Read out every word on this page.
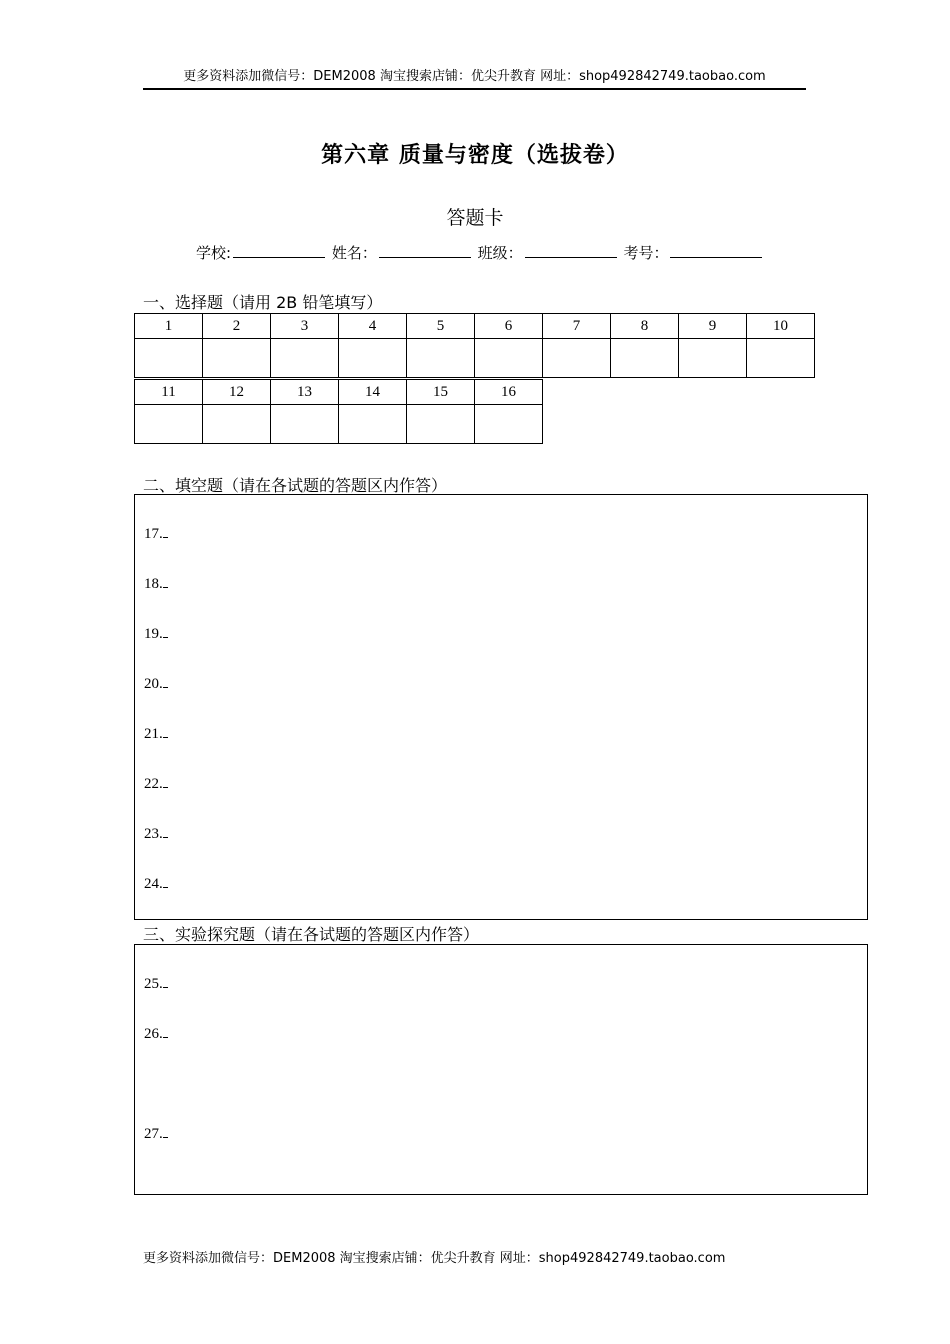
更多资料添加微信号：DEM2008 淘宝搜索店铺：优尖升教育 网址：shop492842749.taobao.com
第六章 质量与密度（选拔卷）
答题卡
学校:	姓名：	班级：	考号：
一、选择题（请用 2B 铅笔填写）
1	2	3	4	5	6	7	8	9	10

11	12	13	14	15	16

二、填空题（请在各试题的答题区内作答）
17.
18.
19.
20.
21.
22.
23.
24.
三、实验探究题（请在各试题的答题区内作答）
25.
26.
27.
更多资料添加微信号：DEM2008 淘宝搜索店铺：优尖升教育 网址：shop492842749.taobao.com
